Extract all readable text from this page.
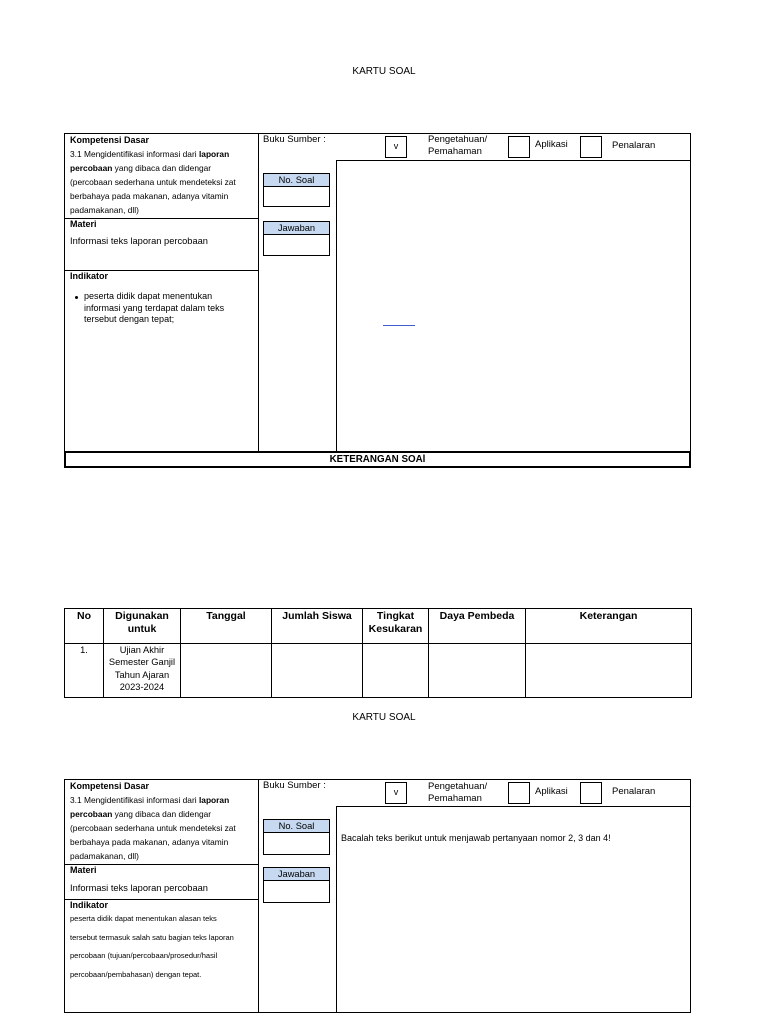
KARTU SOAL
Kompetensi Dasar
3.1 Mengidentifikasi informasi dari laporan
percobaan yang dibaca dan didengar
(percobaan sederhana untuk mendeteksi zat
berbahaya pada makanan, adanya vitamin
padamakanan, dll)
Materi
Informasi teks laporan percobaan
Indikator
peserta didik dapat menentukan
informasi yang terdapat dalam teks
tersebut dengan tepat;
Buku Sumber :
v
Pengetahuan/
Pemahaman
Aplikasi	Penalaran
No. Soal
Jawaban
KETERANGAN SOAl
No	Digunakan untuk	Tanggal	Jumlah Siswa	Tingkat Kesukaran	Daya Pembeda	Keterangan
1.	Ujian Akhir Semester Ganjil Tahun Ajaran 2023-2024					
KARTU SOAL
Kompetensi Dasar
3.1 Mengidentifikasi informasi dari laporan
percobaan yang dibaca dan didengar
(percobaan sederhana untuk mendeteksi zat
berbahaya pada makanan, adanya vitamin
padamakanan, dll)
Materi
Informasi teks laporan percobaan
Indikator
peserta didik dapat menentukan alasan teks
tersebut termasuk salah satu bagian teks laporan
percobaan (tujuan/percobaan/prosedur/hasil
percobaan/pembahasan) dengan tepat.
Buku Sumber :
v	Pengetahuan/
Pemahaman
Aplikasi	Penalaran
No. Soal
Jawaban
Bacalah teks berikut untuk menjawab pertanyaan nomor 2, 3 dan 4!
